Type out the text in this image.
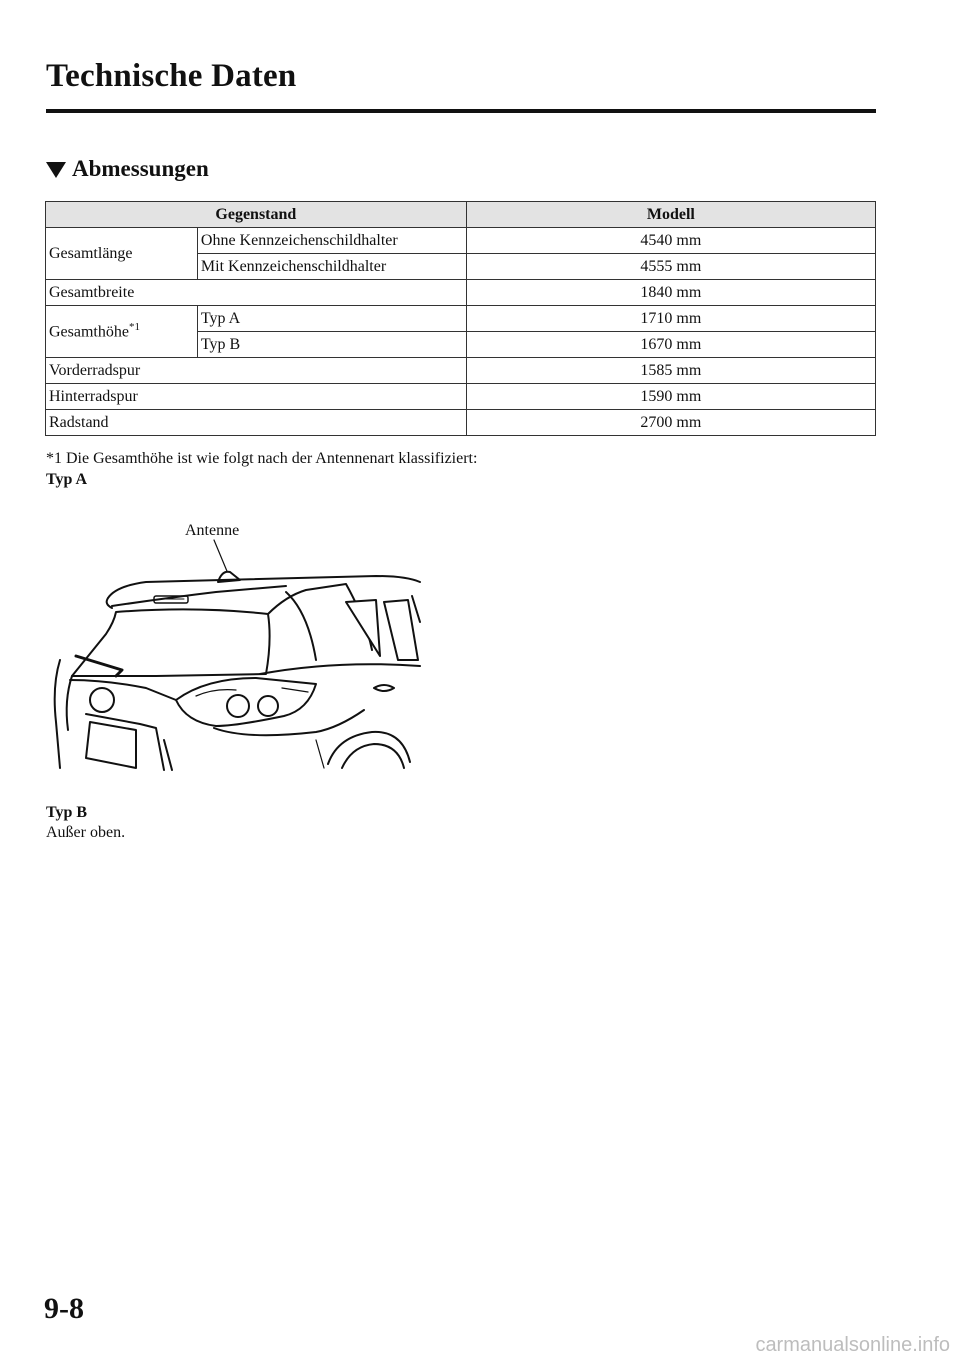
Technische Daten
Abmessungen
Gegenstand		Modell
Gesamtlänge	Ohne Kennzeichenschildhalter	4540 mm
	Mit Kennzeichenschildhalter	4555 mm
Gesamtbreite		1840 mm
Gesamthöhe$^{*1}$	Typ A	1710 mm
	Typ B	1670 mm
Vorderradspur		1585 mm
Hinterradspur		1590 mm
Radstand		2700 mm
*1 Die Gesamthöhe ist wie folgt nach der Antennenart klassifiziert:
Typ A
Antenne
Typ B
Außer oben.
9-8
carmanualsonline.info
